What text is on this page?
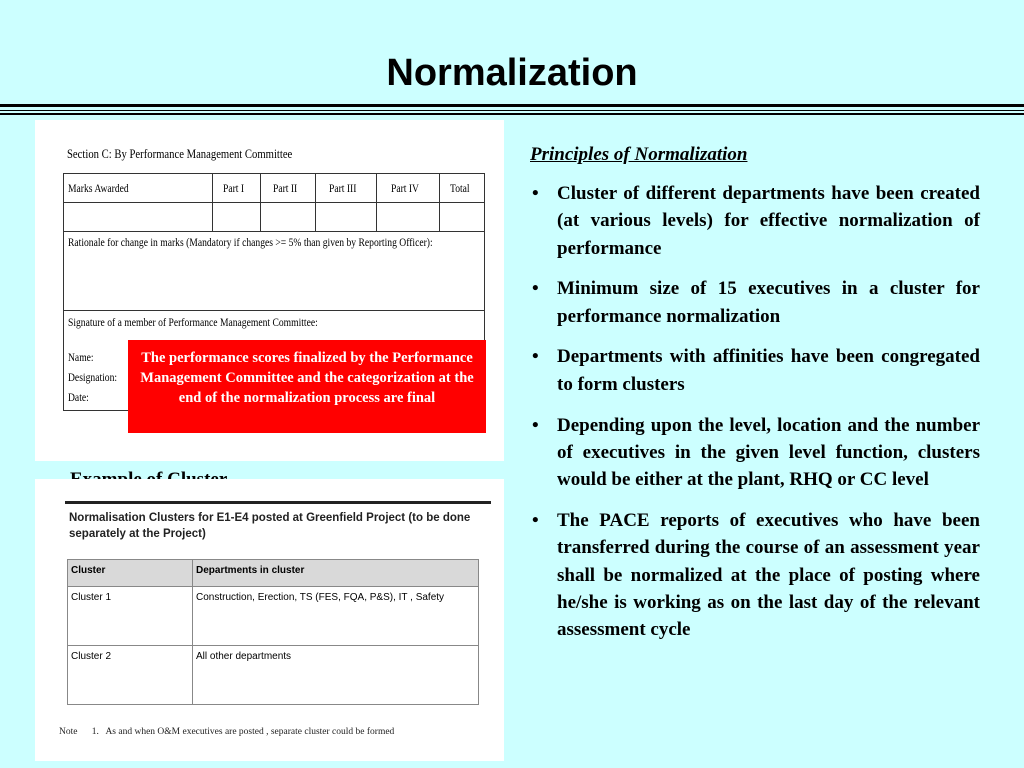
Normalization
Section C: By Performance Management Committee
Marks Awarded	Part I	Part II	Part III	Part IV	Total

Rationale for change in marks (Mandatory if changes >= 5% than given by Reporting Officer):
Signature of a member of Performance Management Committee:
Name:
Designation:
Date:
The performance scores finalized by the Performance Management Committee and the categorization at the end of the normalization process are final
Normalisation Clusters for E1-E4 posted at Greenfield Project (to be done separately at the Project)
Cluster	Departments in cluster
Cluster 1	Construction, Erection, TS (FES, FQA, P&S), IT , Safety
Cluster 2	All other departments
Note      1.   As and when O&M executives are posted , separate cluster could be formed
Principles of Normalization
• Cluster of different departments have been created (at various levels) for effective normalization of performance
• Minimum size of 15 executives in a cluster for performance normalization
• Departments with affinities have been congregated to form clusters
• Depending upon the level, location and the number of executives in the given level function, clusters would be either at the plant, RHQ or CC level
• The PACE reports of executives who have been transferred during the course of an assessment year shall be normalized at the place of posting where he/she is working as on the last day of the relevant assessment cycle
